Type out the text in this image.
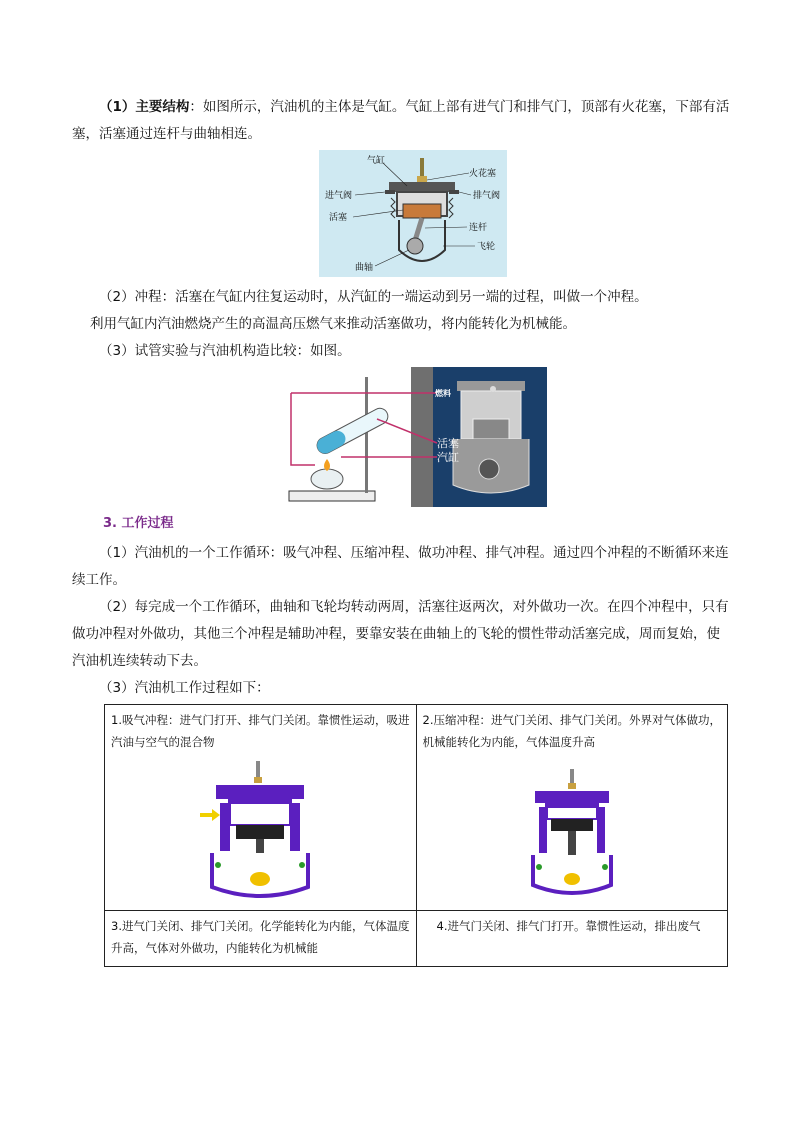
（1）主要结构：如图所示，汽油机的主体是气缸。气缸上部有进气门和排气门，顶部有火花塞，下部有活塞，活塞通过连杆与曲轴相连。

气缸
进气阀
活塞
曲轴
火花塞
排气阀
连杆
飞轮

（2）冲程：活塞在气缸内往复运动时，从汽缸的一端运动到另一端的过程，叫做一个冲程。

利用气缸内汽油燃烧产生的高温高压燃气来推动活塞做功，将内能转化为机械能。

（3）试管实验与汽油机构造比较：如图。

燃料
活塞
汽缸
3. 工作过程

（1）汽油机的一个工作循环：吸气冲程、压缩冲程、做功冲程、排气冲程。通过四个冲程的不断循环来连续工作。

（2）每完成一个工作循环，曲轴和飞轮均转动两周，活塞往返两次，对外做功一次。在四个冲程中，只有做功冲程对外做功，其他三个冲程是辅助冲程，要靠安装在曲轴上的飞轮的惯性带动活塞完成，周而复始，使汽油机连续转动下去。

（3）汽油机工作过程如下：

1.吸气冲程：进气门打开、排气门关闭。靠惯性运动，吸进汽油与空气的混合物	2.压缩冲程：进气门关闭、排气门关闭。外界对气体做功，机械能转化为内能，气体温度升高

3.进气门关闭、排气门关闭。化学能转化为内能，气体温度升高，气体对外做功，内能转化为机械能	4.进气门关闭、排气门打开。靠惯性运动，排出废气
